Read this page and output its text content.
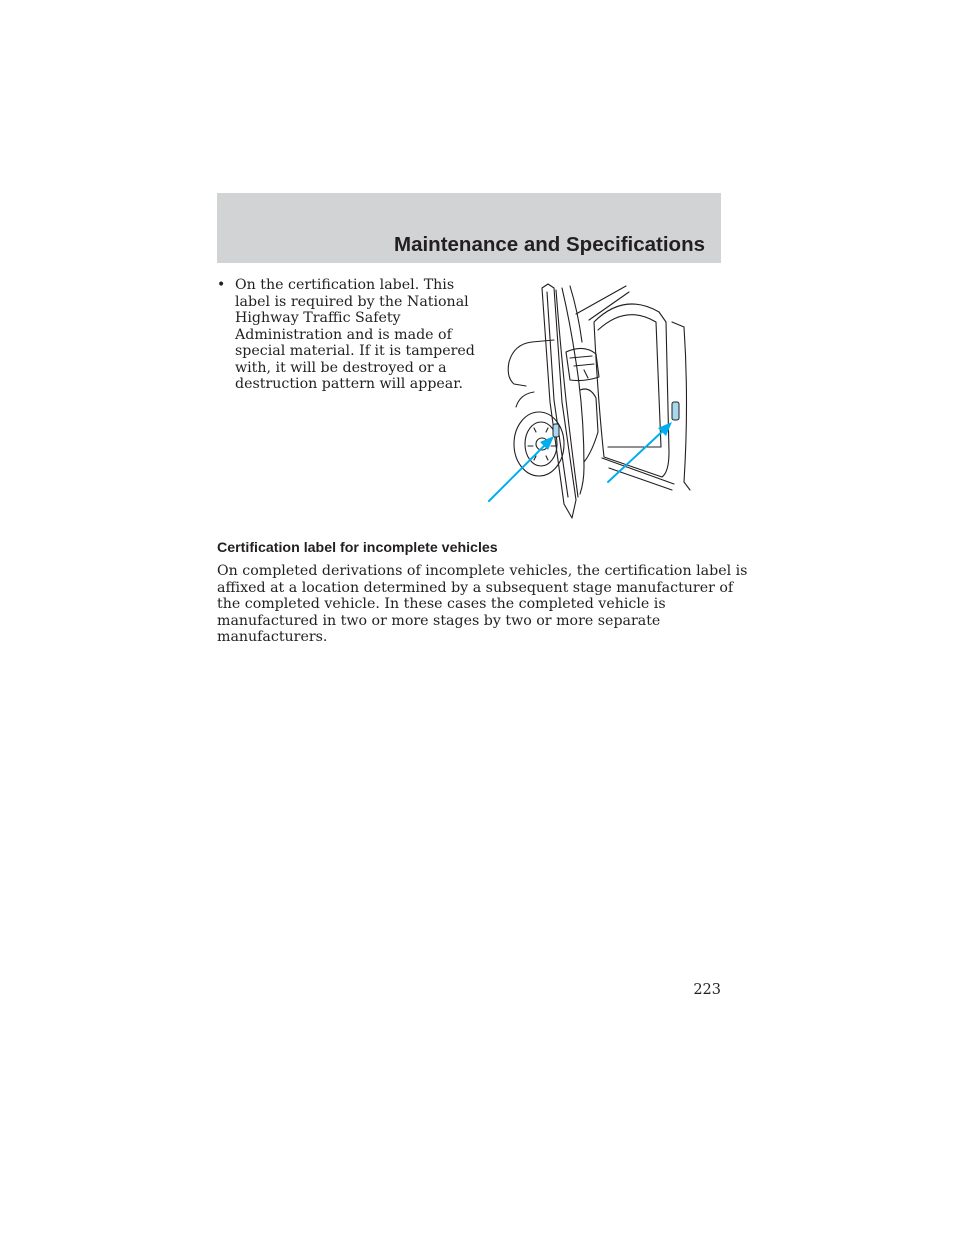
Maintenance and Specifications
• On the certification label. This
label is required by the National
Highway Traffic Safety
Administration and is made of
special material. If it is tampered
with, it will be destroyed or a
destruction pattern will appear.
Certification label for incomplete vehicles
On completed derivations of incomplete vehicles, the certification label is
affixed at a location determined by a subsequent stage manufacturer of
the completed vehicle. In these cases the completed vehicle is
manufactured in two or more stages by two or more separate
manufacturers.
223
